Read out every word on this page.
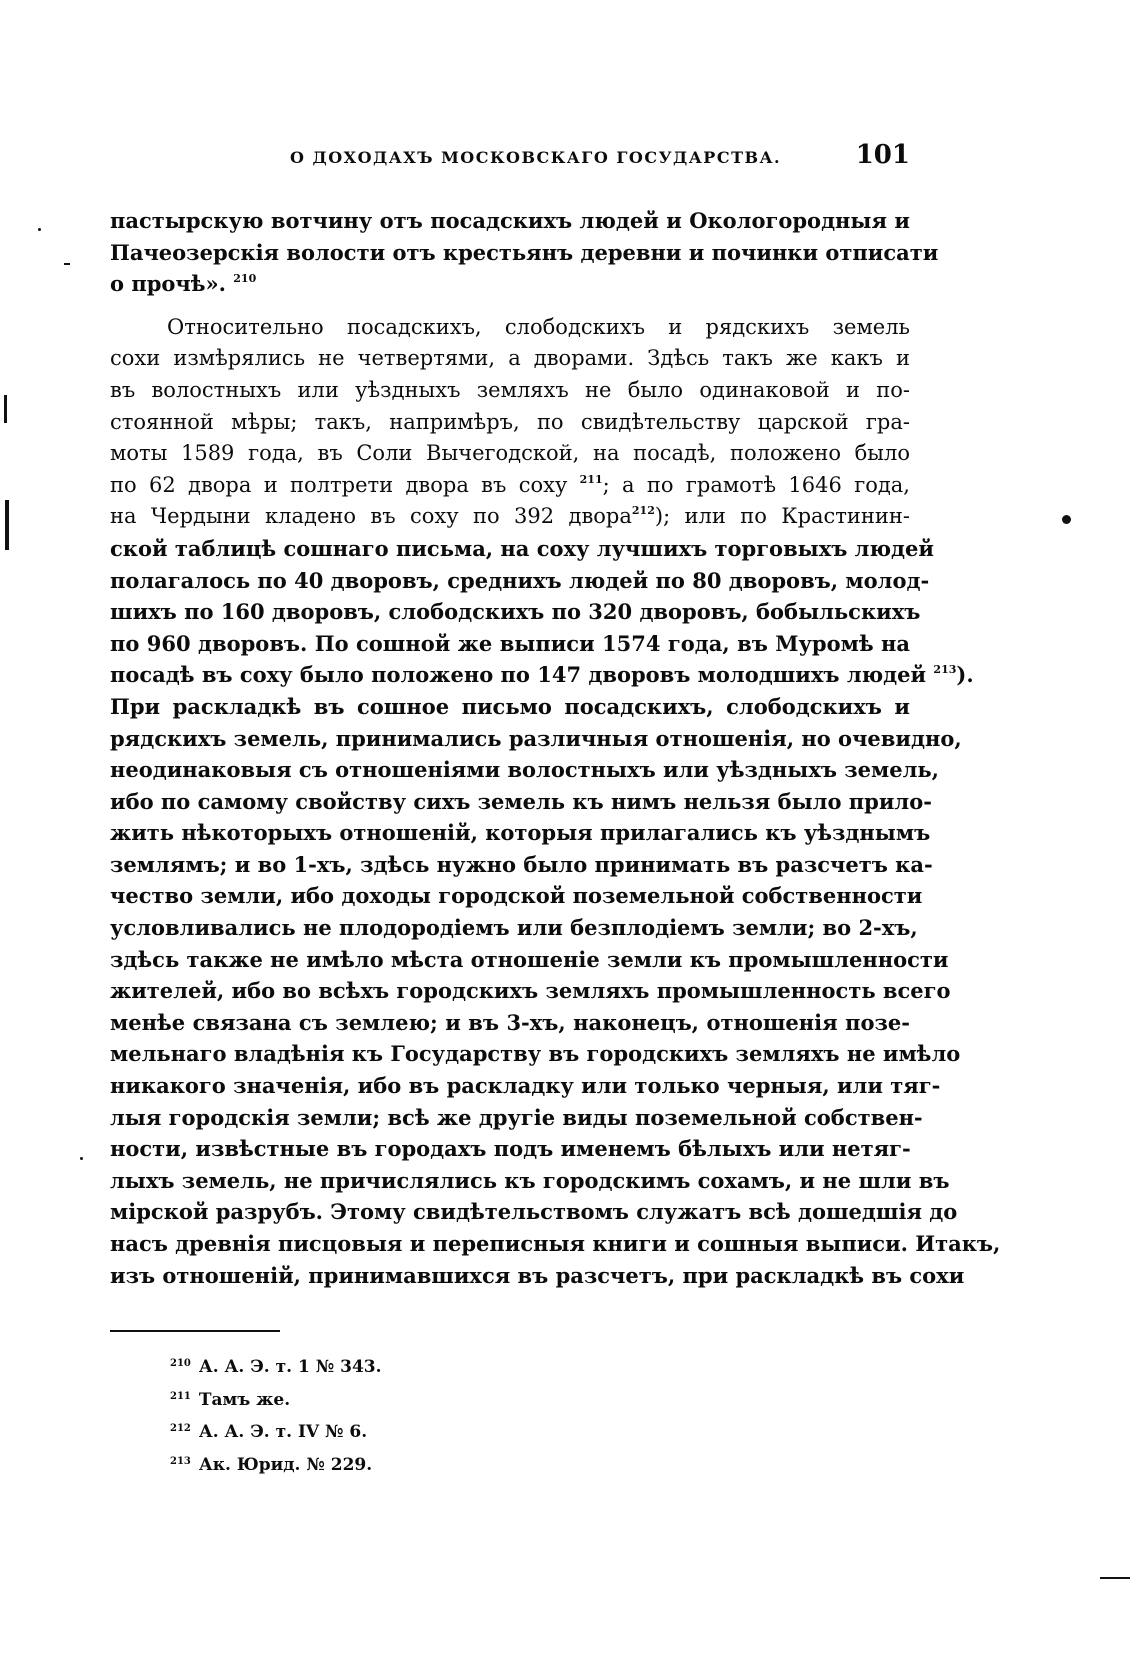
О ДОХОДАХЪ МОСКОВСКАГО ГОСУДАРСТВА.	101
пастырскую вотчину отъ посадскихъ людей и Окологородныя и
Пачеозерскія волости отъ крестьянъ деревни и починки отписати
о прочѣ». $^{210}$
Относительно посадскихъ, слободскихъ и рядскихъ земель
сохи измѣрялись не четвертями, а дворами. Здѣсь такъ же какъ и
въ волостныхъ или уѣздныхъ земляхъ не было одинаковой и по-
стоянной мѣры; такъ, напримѣръ, по свидѣтельству царской гра-
моты 1589 года, въ Соли Вычегодской, на посадѣ, положено было
по 62 двора и полтрети двора въ соху $^{211}$; а по грамотѣ 1646 года,
на Чердыни кладено въ соху по 392 двора$^{212}$); или по Крастинин-
ской таблицѣ сошнаго письма, на соху лучшихъ торговыхъ людей
полагалось по 40 дворовъ, среднихъ людей по 80 дворовъ, молод-
шихъ по 160 дворовъ, слободскихъ по 320 дворовъ, бобыльскихъ
по 960 дворовъ. По сошной же выписи 1574 года, въ Муромѣ на
посадѣ въ соху было положено по 147 дворовъ молодшихъ людей $^{213}$).
При раскладкѣ въ сошное письмо посадскихъ, слободскихъ и
рядскихъ земель, принимались различныя отношенія, но очевидно,
неодинаковыя съ отношеніями волостныхъ или уѣздныхъ земель,
ибо по самому свойству сихъ земель къ нимъ нельзя было прило-
жить нѣкоторыхъ отношеній, которыя прилагались къ уѣзднымъ
землямъ; и во 1-хъ, здѣсь нужно было принимать въ разсчетъ ка-
чество земли, ибо доходы городской поземельной собственности
условливались не плодородіемъ или безплодіемъ земли; во 2-хъ,
здѣсь также не имѣло мѣста отношеніе земли къ промышленности
жителей, ибо во всѣхъ городскихъ земляхъ промышленность всего
менѣе связана съ землею; и въ 3-хъ, наконецъ, отношенія позе-
мельнаго владѣнія къ Государству въ городскихъ земляхъ не имѣло
никакого значенія, ибо въ раскладку или только черныя, или тяг-
лыя городскія земли; всѣ же другіе виды поземельной собствен-
ности, извѣстные въ городахъ подъ именемъ бѣлыхъ или нетяг-
лыхъ земель, не причислялись къ городскимъ сохамъ, и не шли въ
мірской разрубъ. Этому свидѣтельствомъ служатъ всѣ дошедшія до
насъ древнія писцовыя и переписныя книги и сошныя выписи. Итакъ,
изъ отношеній, принимавшихся въ разсчетъ, при раскладкѣ въ сохи
$^{210}$ А. А. Э. т. 1 № 343.
$^{211}$ Тамъ же.
$^{212}$ А. А. Э. т. IV № 6.
$^{213}$ Ак. Юрид. № 229.
